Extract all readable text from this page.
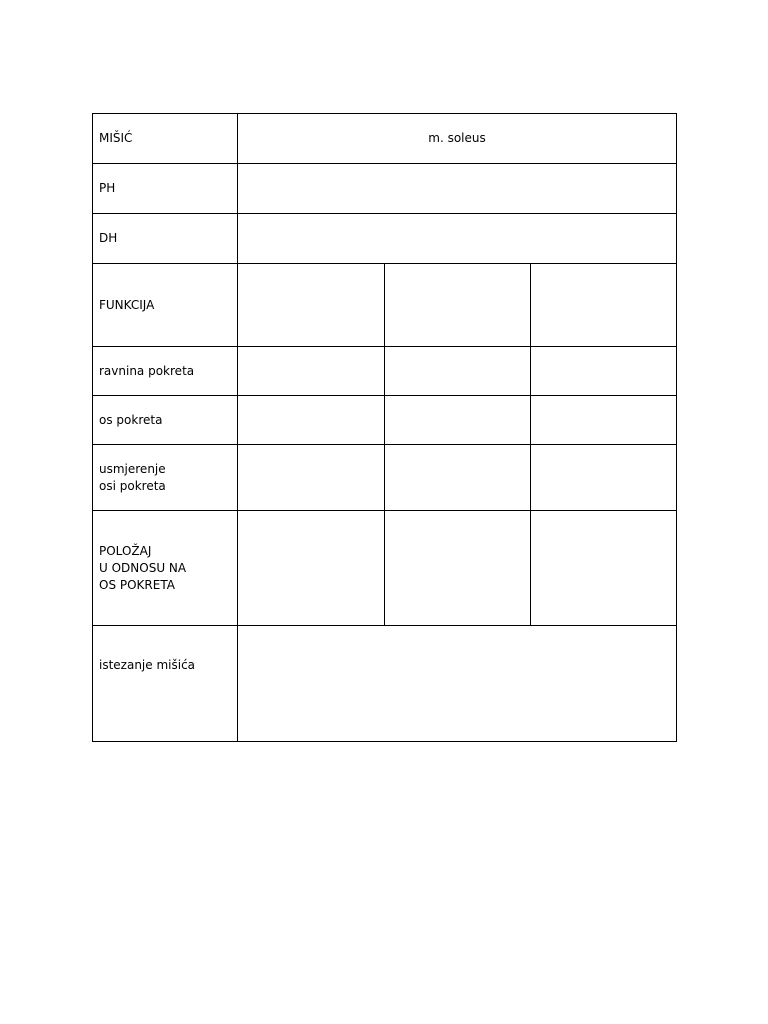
MIŠIĆ	m. soleus		

PH			

DH			

FUNKCIJA			

ravnina pokreta			

os pokreta			

usmjerenje
osi pokreta			

POLOŽAJ
U ODNOSU NA
OS POKRETA			

istezanje mišića			
